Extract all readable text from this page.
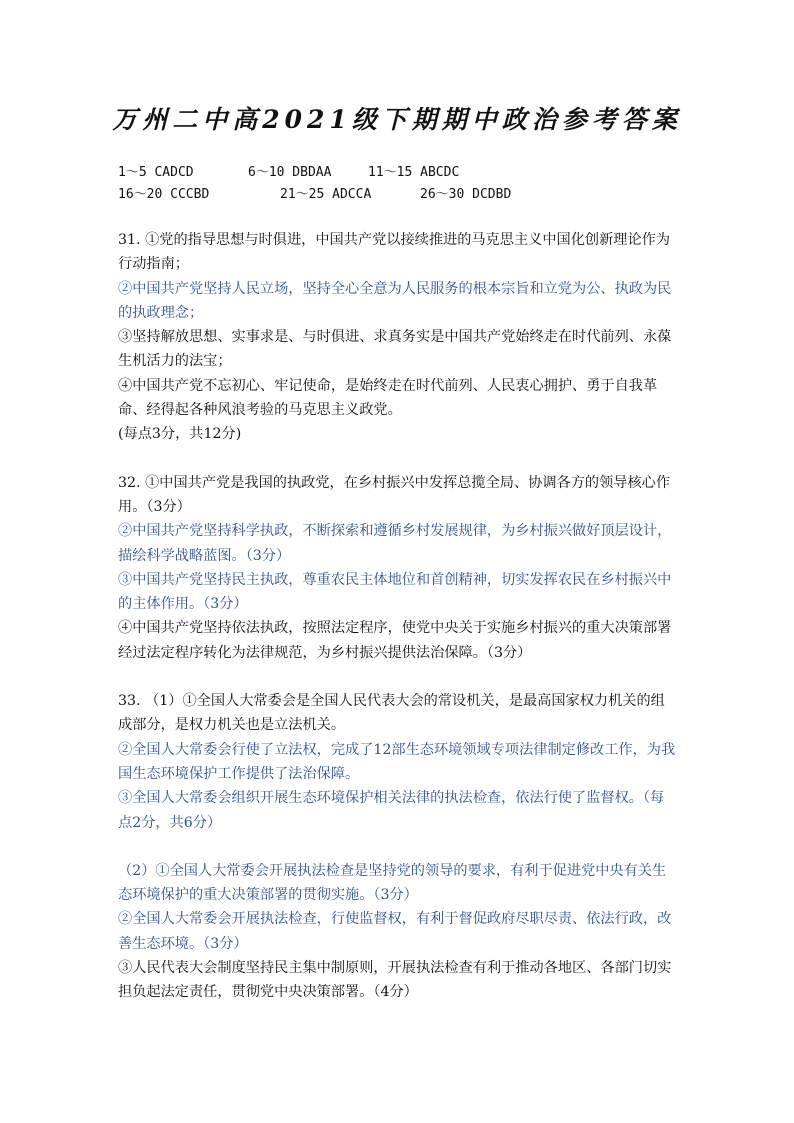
万州二中高2021级下期期中政治参考答案
1～5 CADCD	6～10 DBDAA	11～15 ABCDC
16～20 CCCBD	21～25 ADCCA	26～30 DCDBD

31. ①党的指导思想与时俱进，中国共产党以接续推进的马克思主义中国化创新理论作为行动指南；

②中国共产党坚持人民立场，坚持全心全意为人民服务的根本宗旨和立党为公、执政为民的执政理念；

③坚持解放思想、实事求是、与时俱进、求真务实是中国共产党始终走在时代前列、永葆生机活力的法宝；

④中国共产党不忘初心、牢记使命，是始终走在时代前列、人民衷心拥护、勇于自我革命、经得起各种风浪考验的马克思主义政党。

(每点3分，共12分)

32. ①中国共产党是我国的执政党，在乡村振兴中发挥总揽全局、协调各方的领导核心作用。（3分）

②中国共产党坚持科学执政，不断探索和遵循乡村发展规律，为乡村振兴做好顶层设计，描绘科学战略蓝图。（3分）

③中国共产党坚持民主执政，尊重农民主体地位和首创精神，切实发挥农民在乡村振兴中的主体作用。（3分）

④中国共产党坚持依法执政，按照法定程序，使党中央关于实施乡村振兴的重大决策部署经过法定程序转化为法律规范，为乡村振兴提供法治保障。（3分）

33. （1）①全国人大常委会是全国人民代表大会的常设机关，是最高国家权力机关的组成部分，是权力机关也是立法机关。

②全国人大常委会行使了立法权，完成了12部生态环境领域专项法律制定修改工作，为我国生态环境保护工作提供了法治保障。

③全国人大常委会组织开展生态环境保护相关法律的执法检查，依法行使了监督权。（每点2分，共6分）

（2）①全国人大常委会开展执法检查是坚持党的领导的要求，有利于促进党中央有关生态环境保护的重大决策部署的贯彻实施。（3分）

②全国人大常委会开展执法检查，行使监督权，有利于督促政府尽职尽责、依法行政，改善生态环境。（3分）

③人民代表大会制度坚持民主集中制原则，开展执法检查有利于推动各地区、各部门切实担负起法定责任，贯彻党中央决策部署。（4分）
